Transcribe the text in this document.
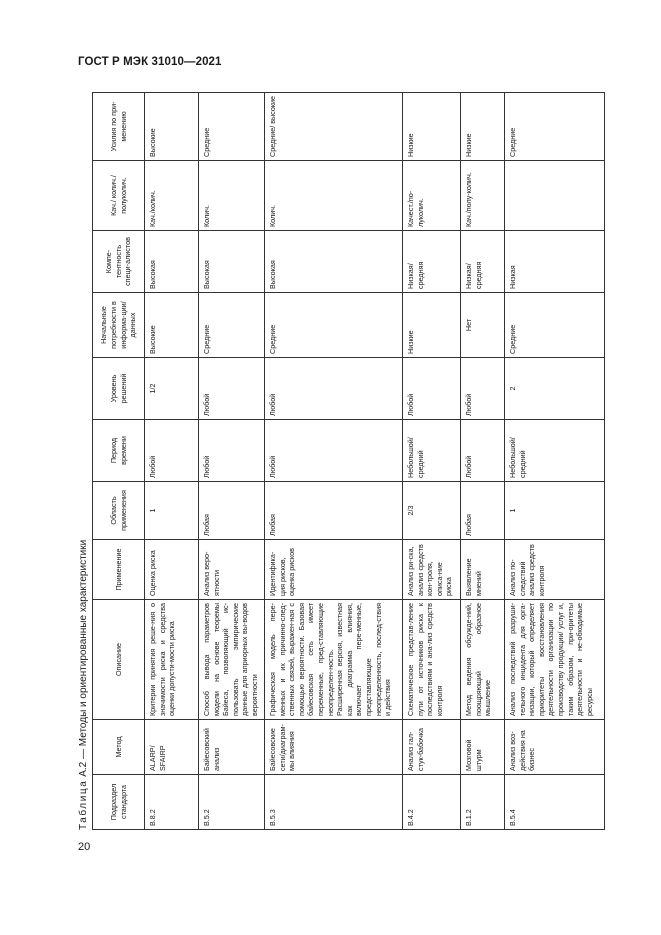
ГОСТ Р МЭК 31010—2021
Таблица А.2 — Методы и ориентированные характеристики
Подраздел стандарта	Метод	Описание	Применение	Область применения	Период времени	Уровень решений	Начальные потребности в информа-ции/данных	Компе-тентность специ-алистов	Кач./ колич./ полуколич.	Усилия по при-менению
В.8.2	ALARP/ SFAIRP	Критерии принятия реше-ния о значимости риска и средства оценки допусти-мости риска	Оценка риска	1	Любой	1/2	Высокие	Высокая	Кач./колич.	Высокие
В.5.2	Байесовский анализ	Способ вывода параметров модели на основе теоремы Байеса, позволяющий ис-пользовать эмпирические данные для априорных вы-водов вероятности	Анализ веро-ятности	Любая	Любой	Любой	Средние	Высокая	Колич.	Средние
В.5.3	Байесовские сети/диаграм-мы влияния	Графическая модель пере-менных и их причинно-след-ственных связей, выражен-ная с помощью вероятности. Базовая байесовская сеть имеет переменные, пред-ставляющие неопределен-ность. Расширенная версия, известная как диаграмма влияния, включает пере-менные, представляющие неопределенность, послед-ствия и действия	Идентифика-ция рисков, оценка рисков	Любая	Любой	Любой	Средние	Высокая	Колич.	Средние/ высокие
В.4.2	Анализ гал-стук-бабочка	Схематическое представ-ление пути от источников риска к последствиям и ана-лиз средств контроля	Анализ ри-ска, анализ средств кон-троля, описа-ние риска	2/3	Небольшой/ средний	Любой	Низкие	Низкая/ средняя	Качест./по-луколич.	Низкие
В.1.2	Мозговой штурм	Метод ведения обсужде-ний, поощряющий образное мышление	Выявление мнений	Любая	Любой	Любой	Нет	Низкая/ средняя	Кач./полу-колич.	Низкие
В.5.4	Анализ воз-действия на бизнес	Анализ последствий разруши-тельного инцидента для орга-низации, который определяет приоритеты восстановления деятельности организации по производству продукции/ услуг и, таким образом, при-оритеты деятельности и не-обходимые ресурсы	Анализ по-следствий анализ средств контроля	1	Небольшой/ средний	2	Средние	Низкая		Средние
20
